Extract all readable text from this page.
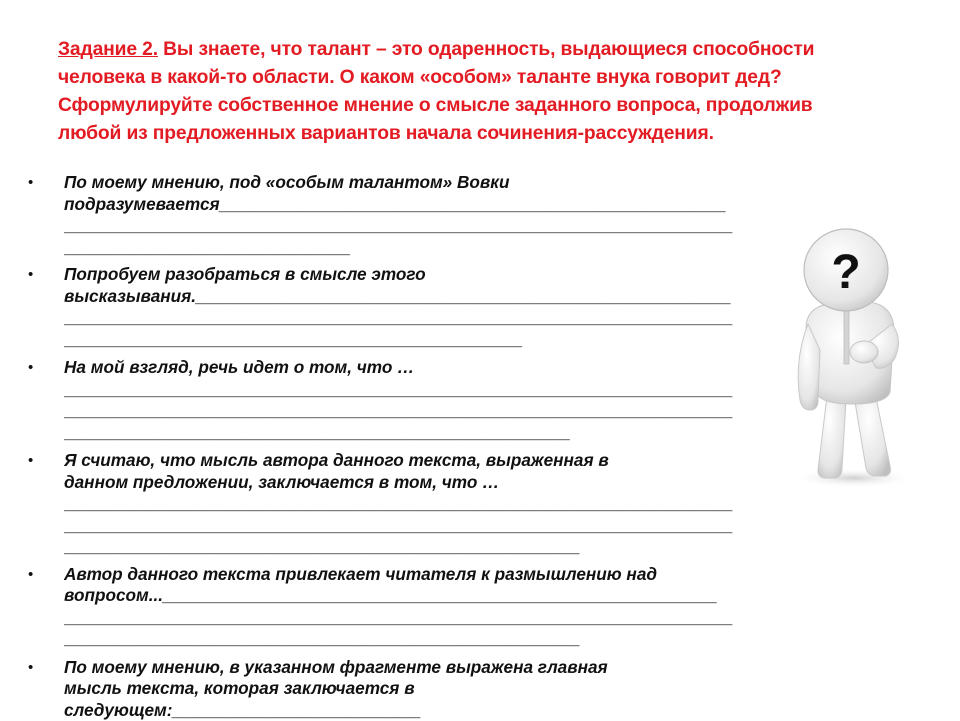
Задание 2. Вы знаете, что талант – это одаренность, выдающиеся способности
человека в какой-то области. О каком «особом» таланте внука говорит дед?
Сформулируйте собственное мнение о смысле заданного вопроса, продолжив
любой из предложенных вариантов начала сочинения-рассуждения.
• По моему мнению, под «особым талантом» Вовки
подразумевается_____________________________________________________
______________________________________________________________________
______________________________
• Попробуем разобраться в смысле этого
высказывания.________________________________________________________
______________________________________________________________________
________________________________________________
• На мой взгляд, речь идет о том, что …
______________________________________________________________________
______________________________________________________________________
_____________________________________________________
• Я считаю, что мысль автора данного текста, выраженная в
данном предложении, заключается в том, что …
______________________________________________________________________
______________________________________________________________________
______________________________________________________
• Автор данного текста привлекает читателя к размышлению над
вопросом...__________________________________________________________
______________________________________________________________________
______________________________________________________
• По моему мнению, в указанном фрагменте выражена главная
мысль текста, которая заключается в
следующем:__________________________
?
